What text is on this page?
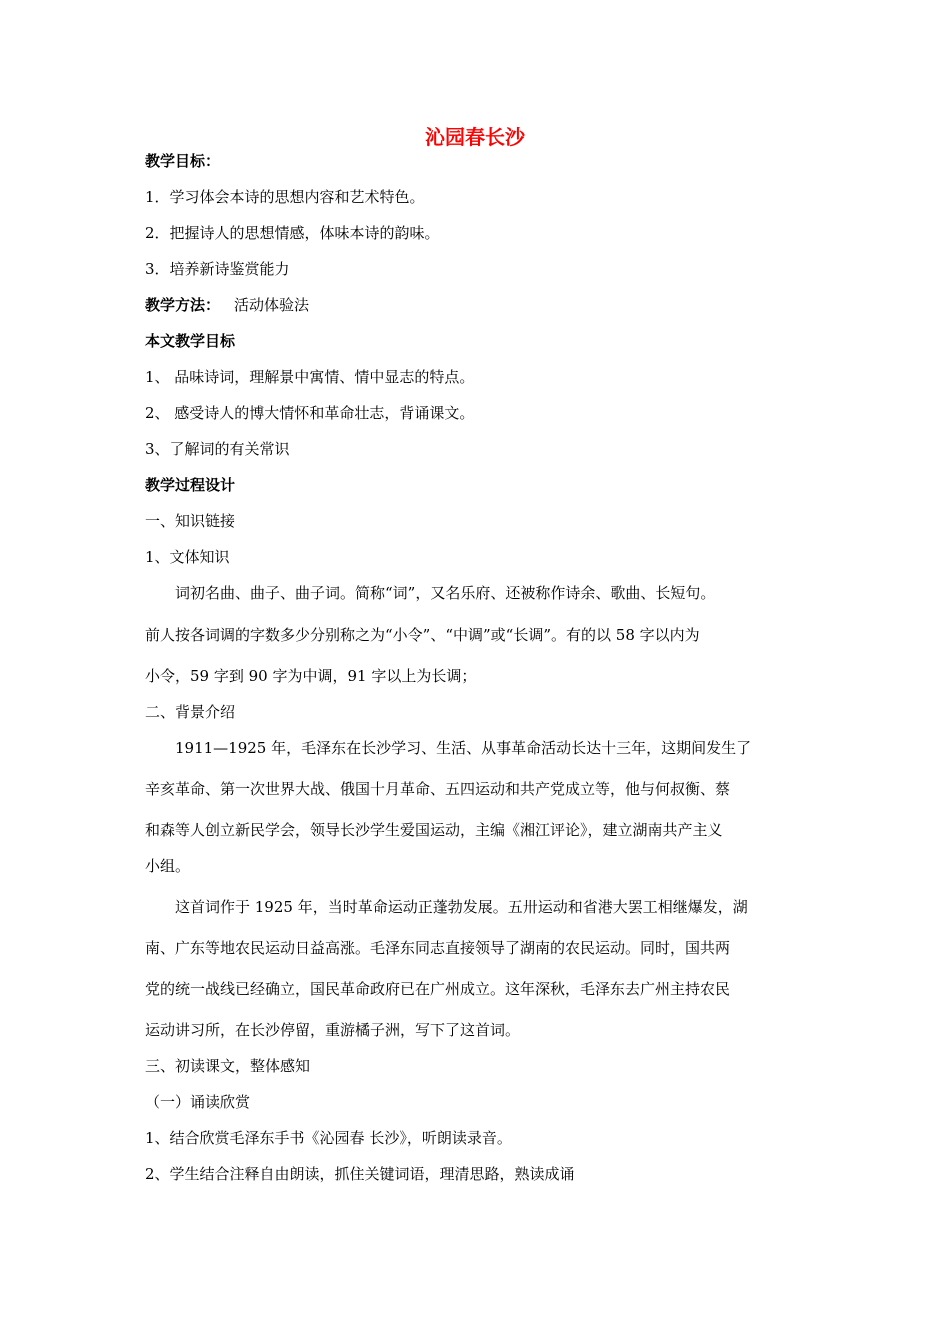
沁园春长沙
教学目标：
1．学习体会本诗的思想内容和艺术特色。
2．把握诗人的思想情感，体味本诗的韵味。
3．培养新诗鉴赏能力
教学方法： 活动体验法
本文教学目标
1、 品味诗词，理解景中寓情、情中显志的特点。
2、 感受诗人的博大情怀和革命壮志，背诵课文。
3、了解词的有关常识
教学过程设计
一、知识链接
1、文体知识
词初名曲、曲子、曲子词。简称“词”，又名乐府、还被称作诗余、歌曲、长短句。
前人按各词调的字数多少分别称之为“小令”、“中调”或“长调”。有的以 58 字以内为
小令，59 字到 90 字为中调，91 字以上为长调；
二、背景介绍
1911—1925 年，毛泽东在长沙学习、生活、从事革命活动长达十三年，这期间发生了
辛亥革命、第一次世界大战、俄国十月革命、五四运动和共产党成立等，他与何叔衡、蔡
和森等人创立新民学会，领导长沙学生爱国运动，主编《湘江评论》，建立湖南共产主义
小组。
这首词作于 1925 年，当时革命运动正蓬勃发展。五卅运动和省港大罢工相继爆发，湖
南、广东等地农民运动日益高涨。毛泽东同志直接领导了湖南的农民运动。同时，国共两
党的统一战线已经确立，国民革命政府已在广州成立。这年深秋，毛泽东去广州主持农民
运动讲习所，在长沙停留，重游橘子洲，写下了这首词。
三、初读课文，整体感知
（一）诵读欣赏
1、结合欣赏毛泽东手书《沁园春 长沙》，听朗读录音。
2、学生结合注释自由朗读，抓住关键词语，理清思路，熟读成诵
